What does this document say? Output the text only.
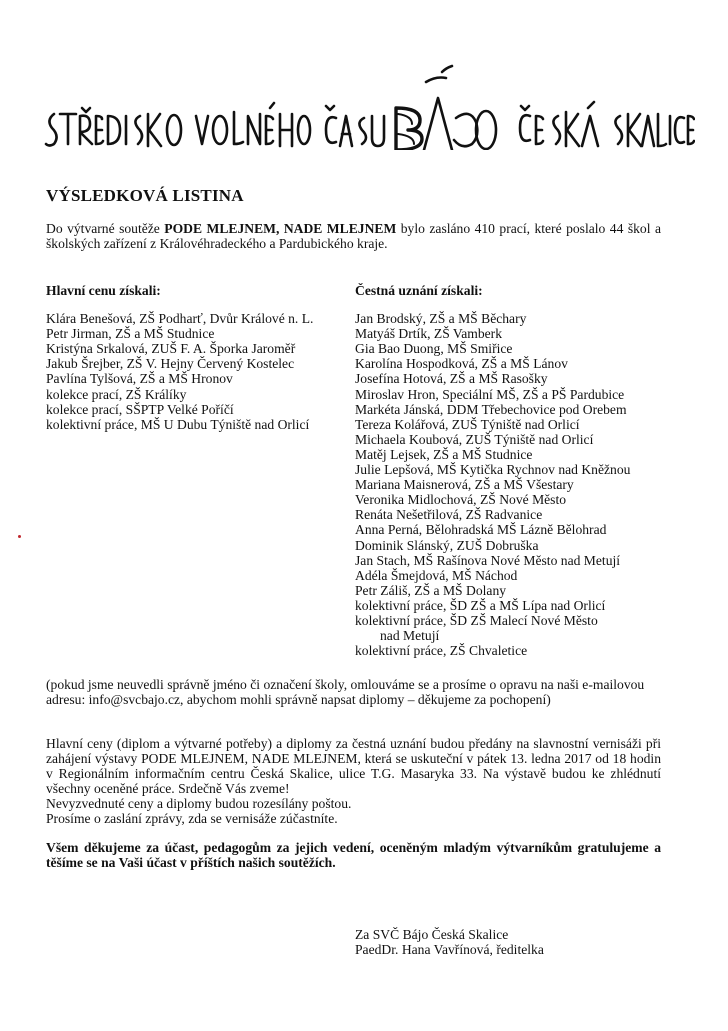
VÝSLEDKOVÁ LISTINA

Do výtvarné soutěže PODE MLEJNEM, NADE MLEJNEM bylo zasláno 410 prací, které poslalo 44 škol a školských zařízení z Královéhradeckého a Pardubického kraje.

Hlavní cenu získali:

Klára Benešová, ZŠ Podharť, Dvůr Králové n. L.
Petr Jirman, ZŠ a MŠ Studnice
Kristýna Srkalová, ZUŠ F. A. Šporka Jaroměř
Jakub Šrejber, ZŠ V. Hejny Červený Kostelec
Pavlína Tylšová, ZŠ a MŠ Hronov
kolekce prací, ZŠ Králíky
kolekce prací, SŠPTP Velké Poříčí
kolektivní práce, MŠ U Dubu Týniště nad Orlicí

Čestná uznání získali:

Jan Brodský, ZŠ a MŠ Běchary
Matyáš Drtík, ZŠ Vamberk
Gia Bao Duong, MŠ Smiřice
Karolína Hospodková, ZŠ a MŠ Lánov
Josefína Hotová, ZŠ a MŠ Rasošky
Miroslav Hron, Speciální MŠ, ZŠ a PŠ Pardubice
Markéta Jánská, DDM Třebechovice pod Orebem
Tereza Kolářová, ZUŠ Týniště nad Orlicí
Michaela Koubová, ZUŠ Týniště nad Orlicí
Matěj Lejsek, ZŠ a MŠ Studnice
Julie Lepšová, MŠ Kytička Rychnov nad Kněžnou
Mariana Maisnerová, ZŠ a MŠ Všestary
Veronika Midlochová, ZŠ Nové Město
Renáta Nešetřilová, ZŠ Radvanice
Anna Perná, Bělohradská MŠ Lázně Bělohrad
Dominik Slánský, ZUŠ Dobruška
Jan Stach, MŠ Rašínova Nové Město nad Metují
Adéla Šmejdová, MŠ Náchod
Petr Záliš, ZŠ a MŠ Dolany
kolektivní práce, ŠD ZŠ a MŠ Lípa nad Orlicí
kolektivní práce, ŠD ZŠ Malecí Nové Město
nad Metují
kolektivní práce, ZŠ Chvaletice

(pokud jsme neuvedli správně jméno či označení školy, omlouváme se a prosíme o opravu na naši e-mailovou adresu: info@svcbajo.cz, abychom mohli správně napsat diplomy – děkujeme za pochopení)

Hlavní ceny (diplom a výtvarné potřeby) a diplomy za čestná uznání budou předány na slavnostní vernisáži při zahájení výstavy PODE MLEJNEM, NADE MLEJNEM, která se uskuteční v pátek 13. ledna 2017 od 18 hodin v Regionálním informačním centru Česká Skalice, ulice T.G. Masaryka 33. Na výstavě budou ke zhlédnutí všechny oceněné práce. Srdečně Vás zveme!

Nevyzvednuté ceny a diplomy budou rozesílány poštou.
Prosíme o zaslání zprávy, zda se vernisáže zúčastníte.

Všem děkujeme za účast, pedagogům za jejich vedení, oceněným mladým výtvarníkům gratulujeme a těšíme se na Vaši účast v příštích našich soutěžích.

Za SVČ Bájo Česká Skalice
PaedDr. Hana Vavřínová, ředitelka
